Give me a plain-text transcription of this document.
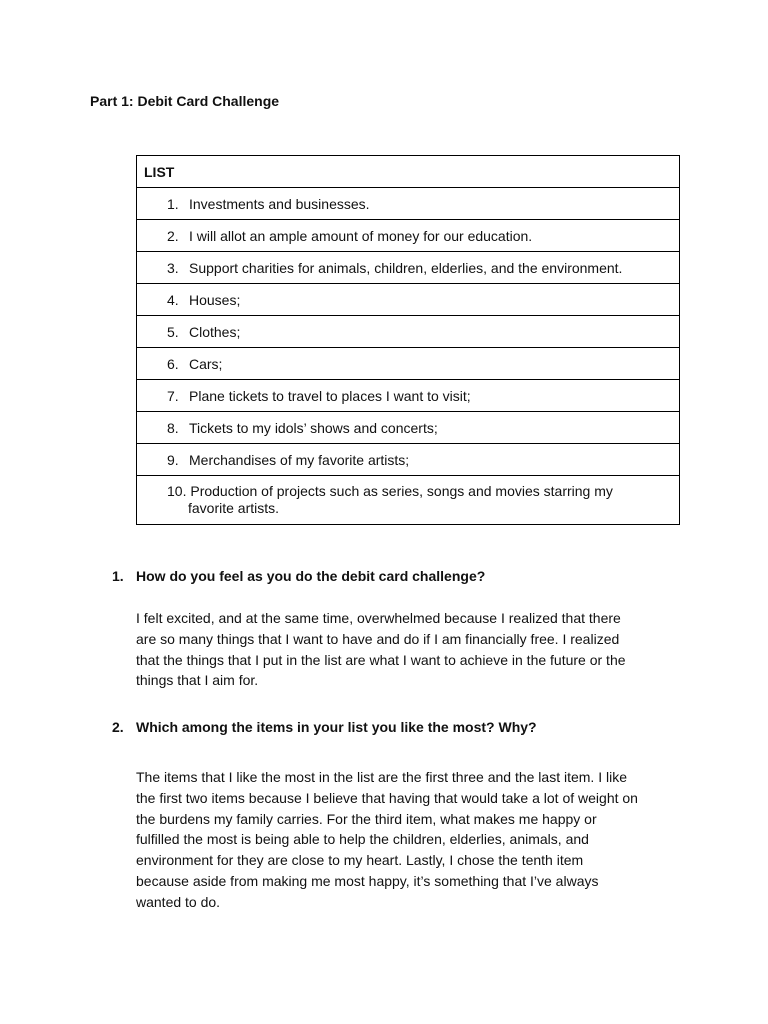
Part 1: Debit Card Challenge
LIST
1. Investments and businesses.
2. I will allot an ample amount of money for our education.
3. Support charities for animals, children, elderlies, and the environment.
4. Houses;
5. Clothes;
6. Cars;
7. Plane tickets to travel to places I want to visit;
8. Tickets to my idols’ shows and concerts;
9. Merchandises of my favorite artists;

10. Production of projects such as series, songs and movies starring my
favorite artists.
1. How do you feel as you do the debit card challenge?
I felt excited, and at the same time, overwhelmed because I realized that there
are so many things that I want to have and do if I am financially free. I realized
that the things that I put in the list are what I want to achieve in the future or the
things that I aim for.
2. Which among the items in your list you like the most? Why?
The items that I like the most in the list are the first three and the last item. I like
the first two items because I believe that having that would take a lot of weight on
the burdens my family carries. For the third item, what makes me happy or
fulfilled the most is being able to help the children, elderlies, animals, and
environment for they are close to my heart. Lastly, I chose the tenth item
because aside from making me most happy, it’s something that I’ve always
wanted to do.
